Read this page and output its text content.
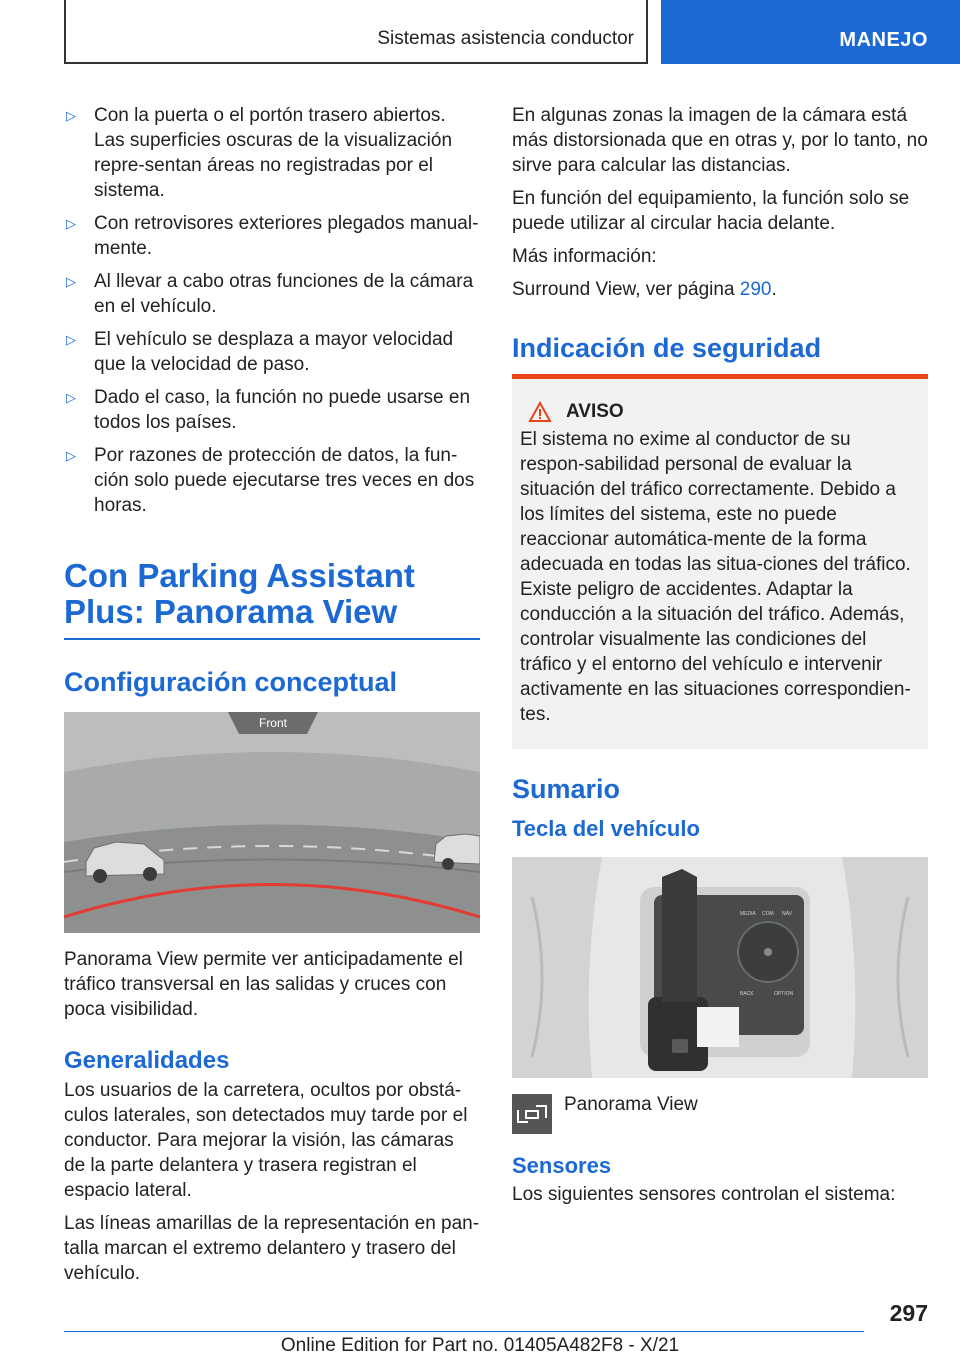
Sistemas asistencia conductor	MANEJO
▷ Con la puerta o el portón trasero abiertos. Las superficies oscuras de la visualización repre-sentan áreas no registradas por el sistema.
▷ Con retrovisores exteriores plegados manual-mente.
▷ Al llevar a cabo otras funciones de la cámara en el vehículo.
▷ El vehículo se desplaza a mayor velocidad que la velocidad de paso.
▷ Dado el caso, la función no puede usarse en todos los países.
▷ Por razones de protección de datos, la fun-ción solo puede ejecutarse tres veces en dos horas.
Con Parking Assistant Plus: Panorama View
Configuración conceptual
Front

Panorama View permite ver anticipadamente el tráfico transversal en las salidas y cruces con poca visibilidad.

Generalidades

Los usuarios de la carretera, ocultos por obstá-culos laterales, son detectados muy tarde por el conductor. Para mejorar la visión, las cámaras de la parte delantera y trasera registran el espacio lateral.

Las líneas amarillas de la representación en pan-talla marcan el extremo delantero y trasero del vehículo.

En algunas zonas la imagen de la cámara está más distorsionada que en otras y, por lo tanto, no sirve para calcular las distancias.

En función del equipamiento, la función solo se puede utilizar al circular hacia delante.

Más información:

Surround View, ver página 290.

Indicación de seguridad
AVISO

El sistema no exime al conductor de su respon-sabilidad personal de evaluar la situación del tráfico correctamente. Debido a los límites del sistema, este no puede reaccionar automática-mente de la forma adecuada en todas las situa-ciones del tráfico. Existe peligro de accidentes. Adaptar la conducción a la situación del tráfico. Además, controlar visualmente las condiciones del tráfico y el entorno del vehículo e intervenir activamente en las situaciones correspondien-tes.

Sumario
Tecla del vehículo
MEDIA COM NAV
BACK	OPTION
Panorama View
Sensores

Los siguientes sensores controlan el sistema:

297
Online Edition for Part no. 01405A482F8 - X/21
